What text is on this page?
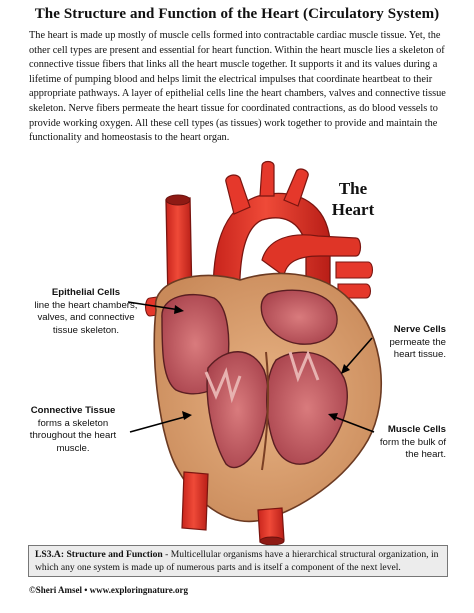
The Structure and Function of the Heart (Circulatory System)
The heart is made up mostly of muscle cells formed into contractable cardiac muscle tissue. Yet, the other cell types are present and essential for heart function. Within the heart muscle lies a skeleton of connective tissue fibers that links all the heart muscle together. It supports it and its values during a lifetime of pumping blood and helps limit the electrical impulses that coordinate heartbeat to their appropriate pathways. A layer of epithelial cells line the heart chambers, valves and connective tissue skeleton. Nerve fibers permeate the heart tissue for coordinated contractions, as do blood vessels to provide working oxygen. All these cell types (as tissues) work together to provide and maintain the functionality and homeostasis to the heart organ.
The
Heart
Epithelial Cells
line the heart chambers, valves, and connective tissue skeleton.
Connective Tissue
forms a skeleton throughout the heart muscle.
Nerve Cells
permeate the heart tissue.
Muscle Cells
form the bulk of the heart.
LS3.A: Structure and Function - Multicellular organisms have a hierarchical structural organization, in which any one system is made up of numerous parts and is itself a component of the next level.
©Sheri Amsel • www.exploringnature.org
